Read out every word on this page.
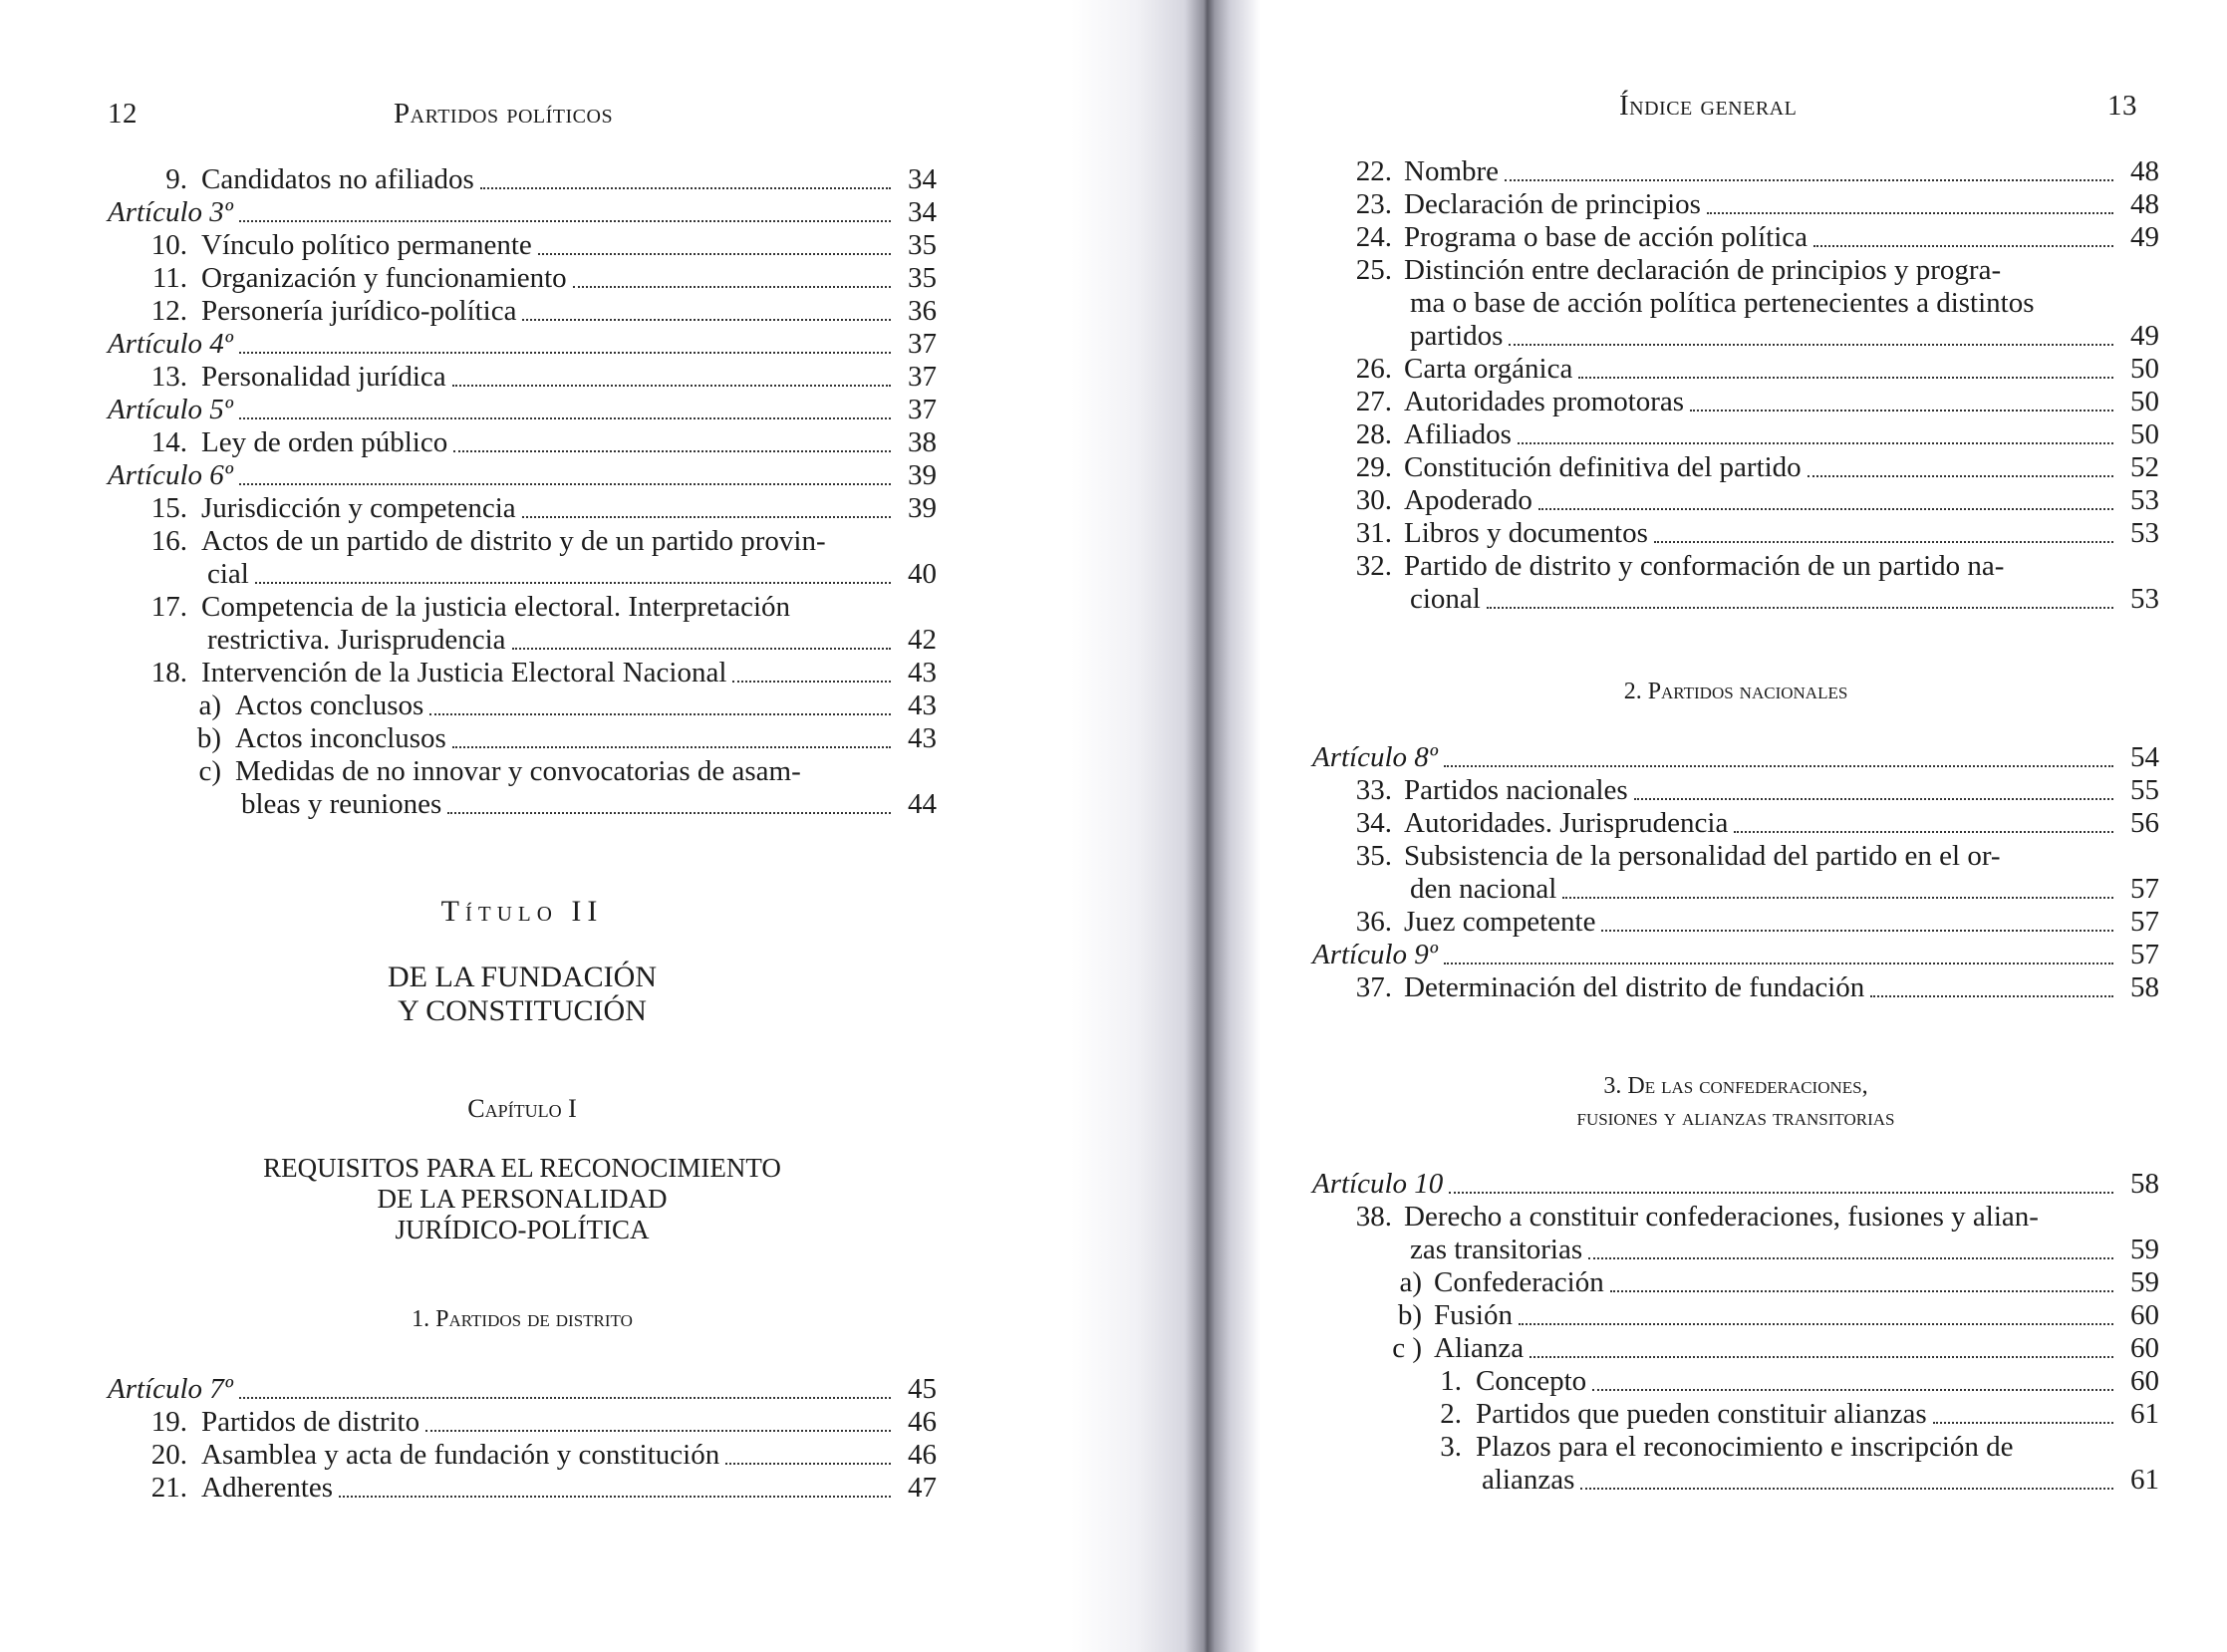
12	Partidos políticos
9. Candidatos no afiliados	34
Artículo 3º	34
10. Vínculo político permanente	35
11. Organización y funcionamiento	35
12. Personería jurídico-política	36
Artículo 4º	37
13. Personalidad jurídica	37
Artículo 5º	37
14. Ley de orden público	38
Artículo 6º	39
15. Jurisdicción y competencia	39
16. Actos de un partido de distrito y de un partido provin-
cial	40
17. Competencia de la justicia electoral. Interpretación
restrictiva. Jurisprudencia	42
18. Intervención de la Justicia Electoral Nacional	43
a) Actos conclusos	43
b) Actos inconclusos	43
c) Medidas de no innovar y convocatorias de asam-
bleas y reuniones	44
Título II
DE LA FUNDACIÓN
Y CONSTITUCIÓN
Capítulo I
REQUISITOS PARA EL RECONOCIMIENTO
DE LA PERSONALIDAD
JURÍDICO-POLÍTICA
1. Partidos de distrito
Artículo 7º	45
19. Partidos de distrito	46
20. Asamblea y acta de fundación y constitución	46
21. Adherentes	47
Índice general	13
22. Nombre	48
23. Declaración de principios	48
24. Programa o base de acción política	49
25. Distinción entre declaración de principios y progra-
ma o base de acción política pertenecientes a distintos
partidos	49
26. Carta orgánica	50
27. Autoridades promotoras	50
28. Afiliados	50
29. Constitución definitiva del partido	52
30. Apoderado	53
31. Libros y documentos	53
32. Partido de distrito y conformación de un partido na-
cional	53
2. Partidos nacionales
Artículo 8º	54
33. Partidos nacionales	55
34. Autoridades. Jurisprudencia	56
35. Subsistencia de la personalidad del partido en el or-
den nacional	57
36. Juez competente	57
Artículo 9º	57
37. Determinación del distrito de fundación	58
3. De las confederaciones,
fusiones y alianzas transitorias
Artículo 10	58
38. Derecho a constituir confederaciones, fusiones y alian-
zas transitorias	59
a) Confederación	59
b) Fusión	60
c ) Alianza	60
1. Concepto	60
2. Partidos que pueden constituir alianzas	61
3. Plazos para el reconocimiento e inscripción de
alianzas	61
